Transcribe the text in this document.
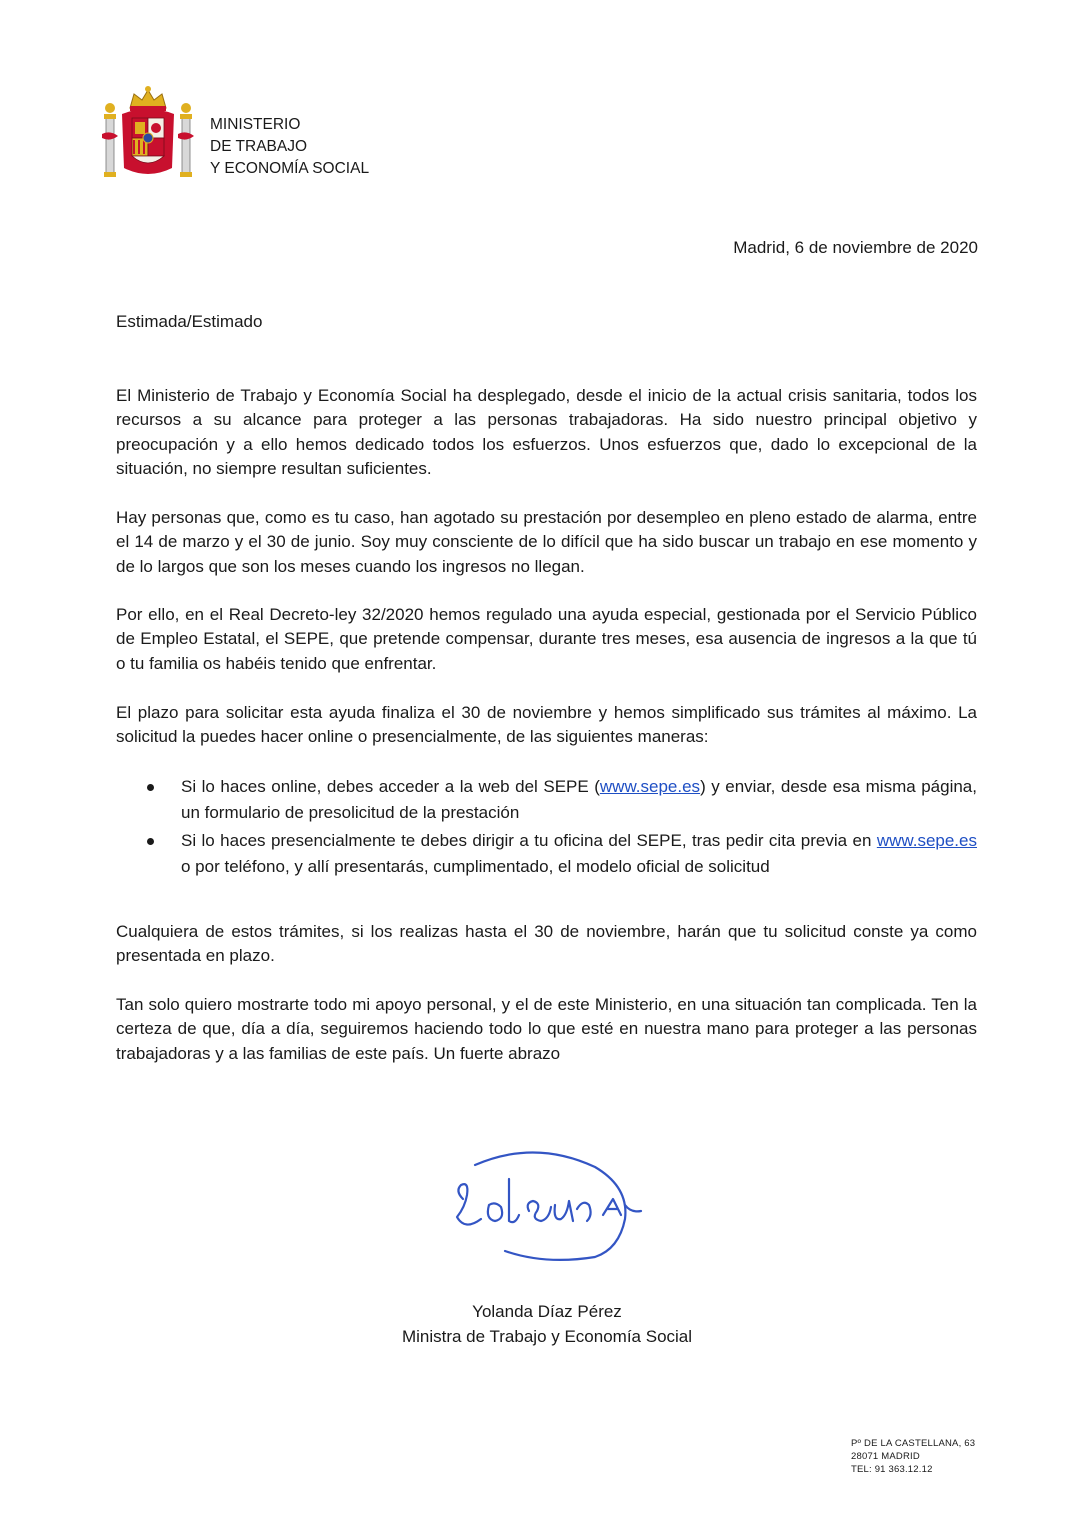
MINISTERIO
DE TRABAJO
Y ECONOMÍA SOCIAL
Madrid, 6 de noviembre de 2020
Estimada/Estimado

El Ministerio de Trabajo y Economía Social ha desplegado, desde el inicio de la actual crisis sanitaria, todos los recursos a su alcance para proteger a las personas trabajadoras. Ha sido nuestro principal objetivo y preocupación y a ello hemos dedicado todos los esfuerzos. Unos esfuerzos que, dado lo excepcional de la situación, no siempre resultan suficientes.

Hay personas que, como es tu caso, han agotado su prestación por desempleo en pleno estado de alarma, entre el 14 de marzo y el 30 de junio. Soy muy consciente de lo difícil que ha sido buscar un trabajo en ese momento y de lo largos que son los meses cuando los ingresos no llegan.

Por ello, en el Real Decreto-ley 32/2020 hemos regulado una ayuda especial, gestionada por el Servicio Público de Empleo Estatal, el SEPE, que pretende compensar, durante tres meses, esa ausencia de ingresos a la que tú o tu familia os habéis tenido que enfrentar.

El plazo para solicitar esta ayuda finaliza el 30 de noviembre y hemos simplificado sus trámites al máximo. La solicitud la puedes hacer online o presencialmente, de las siguientes maneras:

Si lo haces online, debes acceder a la web del SEPE (www.sepe.es) y enviar, desde esa misma página, un formulario de presolicitud de la prestación
Si lo haces presencialmente te debes dirigir a tu oficina del SEPE, tras pedir cita previa en www.sepe.es o por teléfono, y allí presentarás, cumplimentado, el modelo oficial de solicitud

Cualquiera de estos trámites, si los realizas hasta el 30 de noviembre, harán que tu solicitud conste ya como presentada en plazo.

Tan solo quiero mostrarte todo mi apoyo personal, y el de este Ministerio, en una situación tan complicada. Ten la certeza de que, día a día, seguiremos haciendo todo lo que esté en nuestra mano para proteger a las personas trabajadoras y a las familias de este país. Un fuerte abrazo

Yolanda Díaz Pérez
Ministra de Trabajo y Economía Social
Pº DE LA CASTELLANA, 63
28071 MADRID
TEL: 91 363.12.12
